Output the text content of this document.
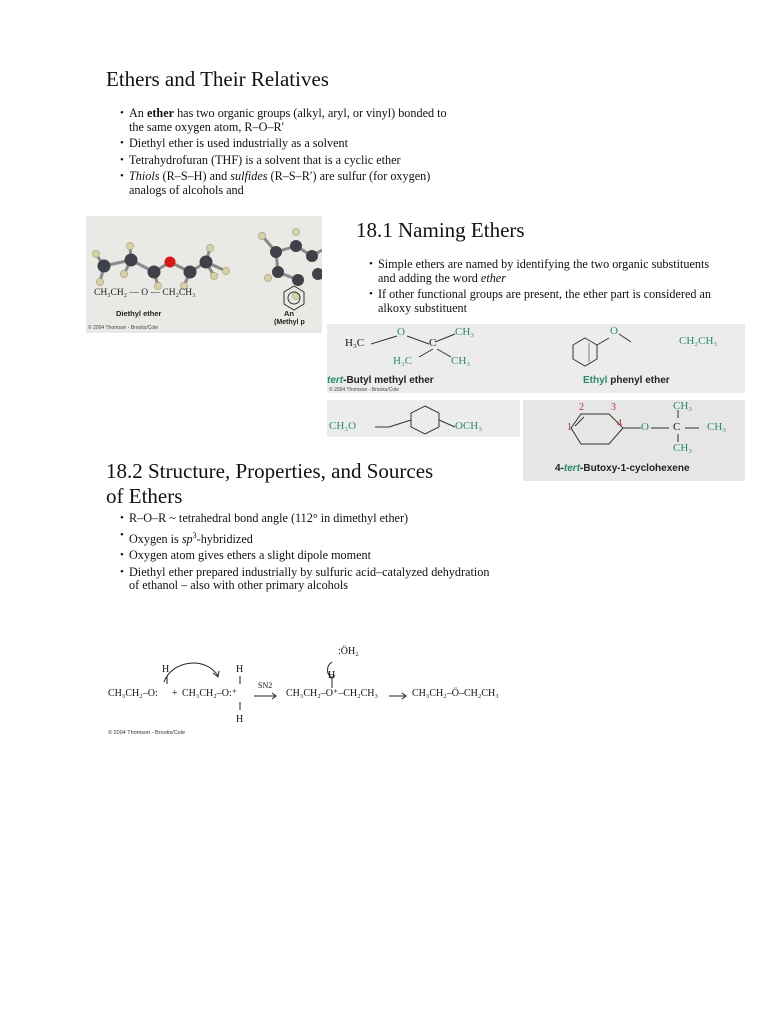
Ethers and Their Relatives
• An ether has two organic groups (alkyl, aryl, or vinyl) bonded to the same oxygen atom, R–O–R′
• Diethyl ether is used industrially as a solvent
• Tetrahydrofuran (THF) is a solvent that is a cyclic ether
• Thiols (R–S–H) and sulfides (R–S–R′) are sulfur (for oxygen) analogs of alcohols and
CH₃CH₂ — O — CH₂CH₃
Diethyl ether
© 2004 Thomson - Brooks/Cole
An
(Methyl p
18.1 Naming Ethers
• Simple ethers are named by identifying the two organic substituents and adding the word ether
• If other functional groups are present, the ether part is considered an alkoxy substituent
H₃C
O
C
CH₃
H₃C	CH₃
O
CH₂CH₃
tert-Butyl methyl ether
© 2004 Thomson - Brooks/Cole
Ethyl phenyl ether
CH₃O	OCH₃
2	3
1	4 O C
CH₃
CH₃
CH₃
4-tert-Butoxy-1-cyclohexene
18.2 Structure, Properties, and Sources
of Ethers
• R–O–R ~ tetrahedral bond angle (112° in dimethyl ether)
• Oxygen is $sp^3$-hybridized
• Oxygen atom gives ethers a slight dipole moment
• Diethyl ether prepared industrially by sulfuric acid–catalyzed dehydration of ethanol – also with other primary alcohols
CH₃CH₂–O:
H
+ CH₃CH₂–O:⁺
H
H
SN2
CH₃CH₂–O⁺–CH₂CH₃
H
:ÖH₂
CH₃CH₂–Ö–CH₂CH₃
© 2004 Thomson - Brooks/Cole
